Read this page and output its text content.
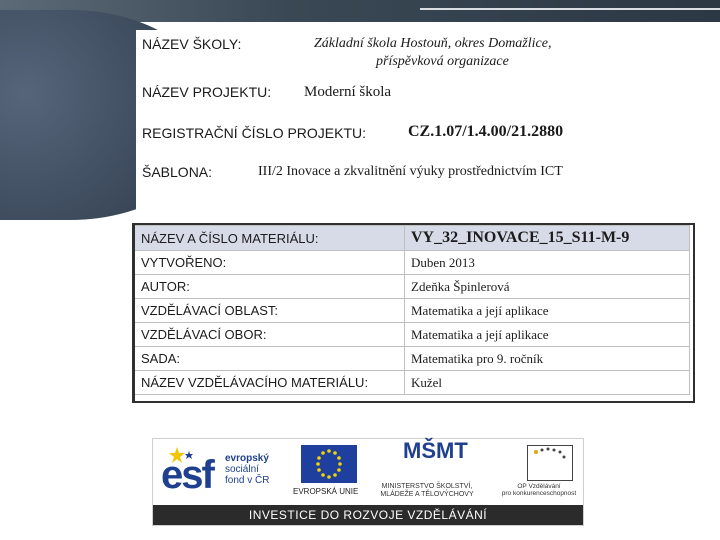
NÁZEV ŠKOLY:	Základní škola Hostouň, okres Domažlice,
příspěvková organizace
NÁZEV PROJEKTU: Moderní škola
REGISTRAČNÍ ČÍSLO PROJEKTU:	CZ.1.07/1.4.00/21.2880
ŠABLONA:	III/2 Inovace a zkvalitnění výuky prostřednictvím ICT
NÁZEV A ČÍSLO MATERIÁLU:	VY_32_INOVACE_15_S11-M-9
VYTVOŘENO:	Duben 2013
AUTOR:	Zdeňka Špinlerová
VZDĚLÁVACÍ OBLAST:	Matematika a její aplikace
VZDĚLÁVACÍ OBOR:	Matematika a její aplikace
SADA:	Matematika pro 9. ročník
NÁZEV VZDĚLÁVACÍHO MATERIÁLU:	Kužel
esf evropský
sociální
fond v ČR
EVROPSKÁ UNIE
MŠMT
MINISTERSTVO ŠKOLSTVÍ,
MLÁDEŽE A TĚLOVÝCHOVY
OP Vzdělávání
pro konkurenceschopnost
INVESTICE DO ROZVOJE VZDĚLÁVÁNÍ
